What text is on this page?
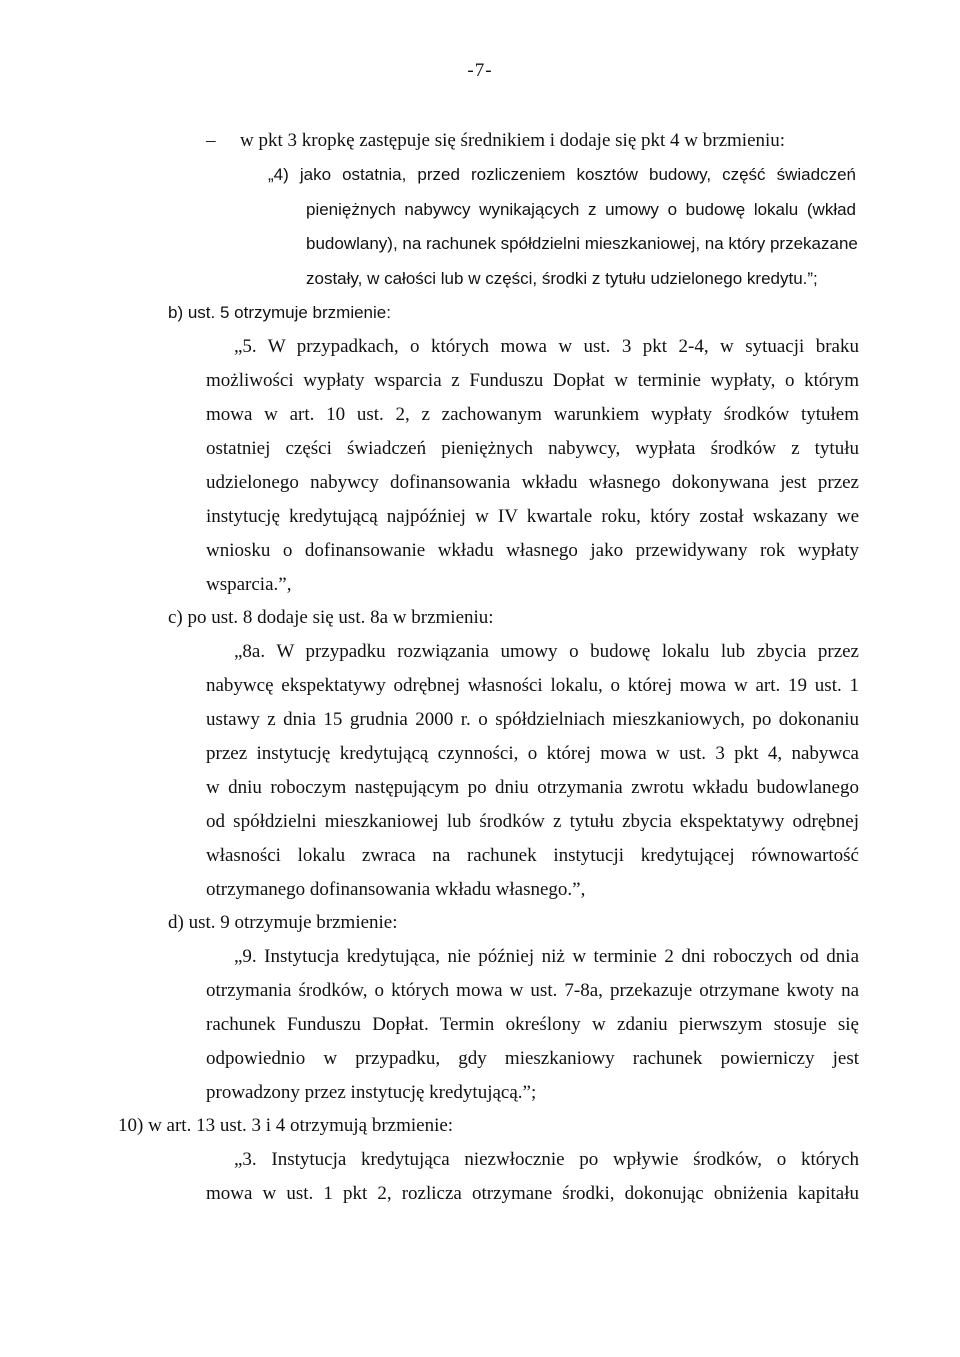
-7-
– w pkt 3 kropkę zastępuje się średnikiem i dodaje się pkt 4 w brzmieniu:
„4) jako ostatnia, przed rozliczeniem kosztów budowy, część świadczeń
pieniężnych nabywcy wynikających z umowy o budowę lokalu (wkład
budowlany), na rachunek spółdzielni mieszkaniowej, na który przekazane
zostały, w całości lub w części, środki z tytułu udzielonego kredytu.”;
b) ust. 5 otrzymuje brzmienie:
„5. W przypadkach, o których mowa w ust. 3 pkt 2-4, w sytuacji braku
możliwości wypłaty wsparcia z Funduszu Dopłat w terminie wypłaty, o którym
mowa w art. 10 ust. 2, z zachowanym warunkiem wypłaty środków tytułem
ostatniej części świadczeń pieniężnych nabywcy, wypłata środków z tytułu
udzielonego nabywcy dofinansowania wkładu własnego dokonywana jest przez
instytucję kredytującą najpóźniej w IV kwartale roku, który został wskazany we
wniosku o dofinansowanie wkładu własnego jako przewidywany rok wypłaty
wsparcia.”,
c) po ust. 8 dodaje się ust. 8a w brzmieniu:
„8a. W przypadku rozwiązania umowy o budowę lokalu lub zbycia przez
nabywcę ekspektatywy odrębnej własności lokalu, o której mowa w art. 19 ust. 1
ustawy z dnia 15 grudnia 2000 r. o spółdzielniach mieszkaniowych, po dokonaniu
przez instytucję kredytującą czynności, o której mowa w ust. 3 pkt 4, nabywca
w dniu roboczym następującym po dniu otrzymania zwrotu wkładu budowlanego
od spółdzielni mieszkaniowej lub środków z tytułu zbycia ekspektatywy odrębnej
własności lokalu zwraca na rachunek instytucji kredytującej równowartość
otrzymanego dofinansowania wkładu własnego.”,
d) ust. 9 otrzymuje brzmienie:
„9. Instytucja kredytująca, nie później niż w terminie 2 dni roboczych od dnia
otrzymania środków, o których mowa w ust. 7-8a, przekazuje otrzymane kwoty na
rachunek Funduszu Dopłat. Termin określony w zdaniu pierwszym stosuje się
odpowiednio w przypadku, gdy mieszkaniowy rachunek powierniczy jest
prowadzony przez instytucję kredytującą.”;
10) w art. 13 ust. 3 i 4 otrzymują brzmienie:
„3. Instytucja kredytująca niezwłocznie po wpływie środków, o których
mowa w ust. 1 pkt 2, rozlicza otrzymane środki, dokonując obniżenia kapitału
